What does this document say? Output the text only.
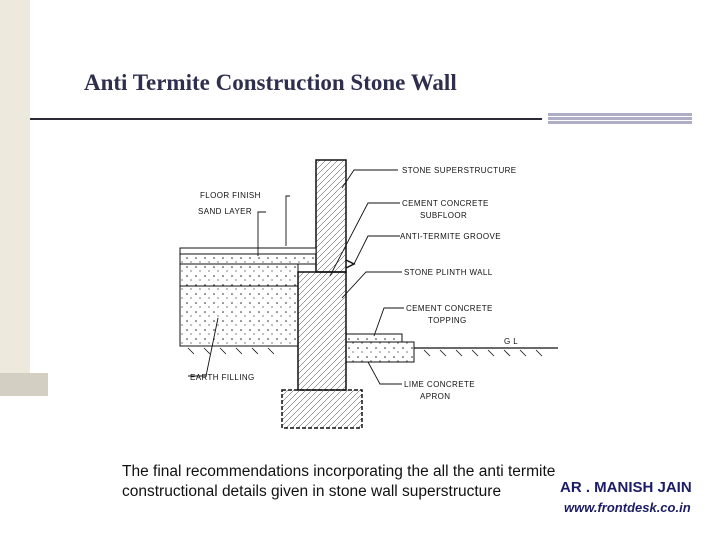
Anti Termite Construction Stone Wall
FLOOR FINISH
SAND LAYER
EARTH FILLING
STONE SUPERSTRUCTURE
CEMENT CONCRETE
SUBFLOOR
ANTI-TERMITE GROOVE
STONE PLINTH WALL
CEMENT CONCRETE
TOPPING
G L
LIME CONCRETE
APRON
The final recommendations incorporating the all the anti termite constructional details given in stone wall superstructure	AR . MANISH JAIN
www.frontdesk.co.in
